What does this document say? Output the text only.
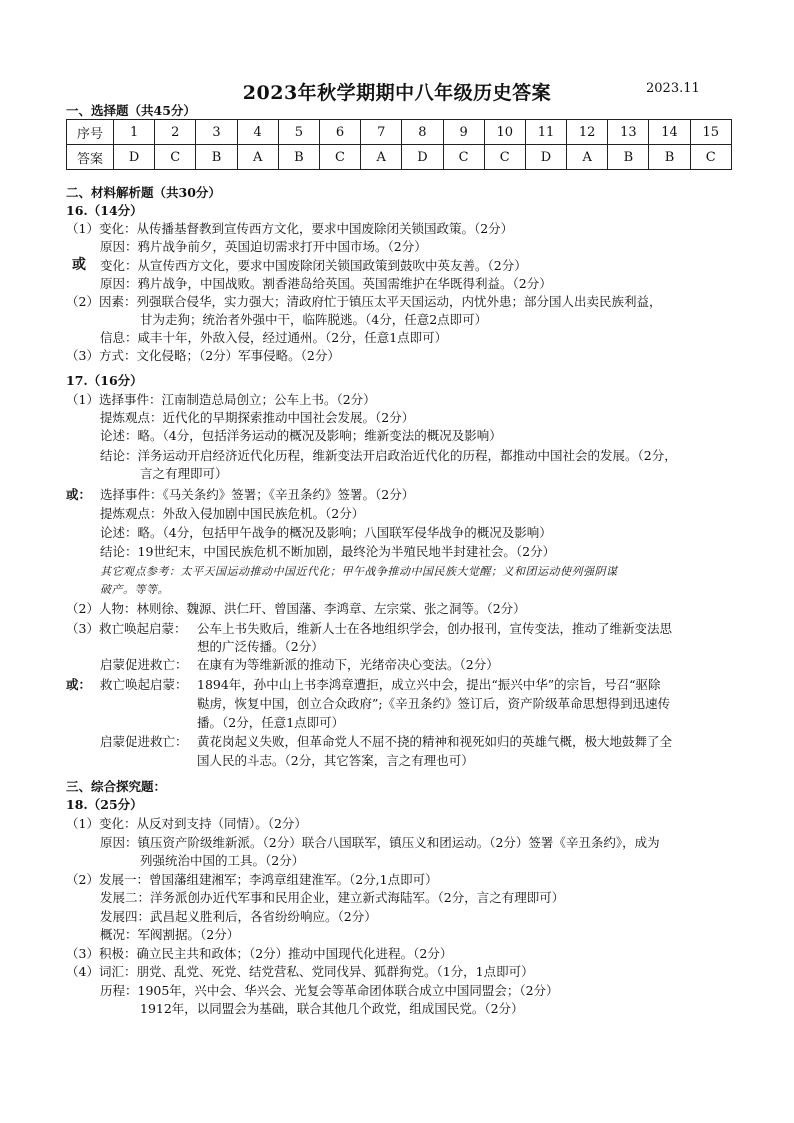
2023年秋学期期中八年级历史答案	2023.11
一、选择题（共45分）
序号	1	2	3	4	5	6	7	8	9	10	11	12	13	14	15
答案	D	C	B	A	B	C	A	D	C	C	D	A	B	B	C
二、材料解析题（共30分）
16.（14分）
（1）变化：从传播基督教到宣传西方文化，要求中国废除闭关锁国政策。（2分）
原因：鸦片战争前夕，英国迫切需求打开中国市场。（2分）
或 变化：从宣传西方文化，要求中国废除闭关锁国政策到鼓吹中英友善。（2分）
原因：鸦片战争，中国战败。割香港岛给英国。英国需维护在华既得利益。（2分）
（2）因素：列强联合侵华，实力强大；清政府忙于镇压太平天国运动，内忧外患；部分国人出卖民族利益，
甘为走狗；统治者外强中干，临阵脱逃。（4分，任意2点即可）
信息：咸丰十年，外敌入侵，经过通州。（2分，任意1点即可）
（3）方式：文化侵略；（2分）军事侵略。（2分）
17.（16分）
（1）选择事件：江南制造总局创立；公车上书。（2分）
提炼观点：近代化的早期探索推动中国社会发展。（2分）
论述：略。（4分，包括洋务运动的概况及影响；维新变法的概况及影响）
结论：洋务运动开启经济近代化历程，维新变法开启政治近代化的历程，都推动中国社会的发展。（2分，
言之有理即可）
或： 选择事件：《马关条约》签署；《辛丑条约》签署。（2分）
提炼观点：外敌入侵加剧中国民族危机。（2分）
论述：略。（4分，包括甲午战争的概况及影响；八国联军侵华战争的概况及影响）
结论：19世纪末，中国民族危机不断加剧，最终沦为半殖民地半封建社会。（2分）
其它观点参考：太平天国运动推动中国近代化；甲午战争推动中国民族大觉醒；义和团运动使列强阴谋
破产。等等。
（2）人物：林则徐、魏源、洪仁玕、曾国藩、李鸿章、左宗棠、张之洞等。（2分）
（3）救亡唤起启蒙： 公车上书失败后，维新人士在各地组织学会，创办报刊，宣传变法，推动了维新变法思
想的广泛传播。（2分）
启蒙促进救亡： 在康有为等维新派的推动下，光绪帝决心变法。（2分）
或： 救亡唤起启蒙： 1894年，孙中山上书李鸿章遭拒，成立兴中会，提出“振兴中华”的宗旨，号召“驱除
鞑虏，恢复中国，创立合众政府”;《辛丑条约》签订后，资产阶级革命思想得到迅速传
播。（2分，任意1点即可）
启蒙促进救亡： 黄花岗起义失败，但革命党人不屈不挠的精神和视死如归的英雄气概，极大地鼓舞了全
国人民的斗志。（2分，其它答案，言之有理也可）
三、综合探究题：
18.（25分）
（1）变化：从反对到支持（同情）。（2分）
原因：镇压资产阶级维新派。（2分）联合八国联军，镇压义和团运动。（2分）签署《辛丑条约》，成为
列强统治中国的工具。（2分）
（2）发展一：曾国藩组建湘军；李鸿章组建淮军。（2分,1点即可）
发展二：洋务派创办近代军事和民用企业，建立新式海陆军。（2分，言之有理即可）
发展四：武昌起义胜利后，各省纷纷响应。（2分）
概况：军阀割据。（2分）
（3）积极：确立民主共和政体；（2分）推动中国现代化进程。（2分）
（4）词汇：朋党、乱党、死党、结党营私、党同伐异、狐群狗党。（1分，1点即可）
历程：1905年，兴中会、华兴会、光复会等革命团体联合成立中国同盟会；（2分）
1912年，以同盟会为基础，联合其他几个政党，组成国民党。（2分）
